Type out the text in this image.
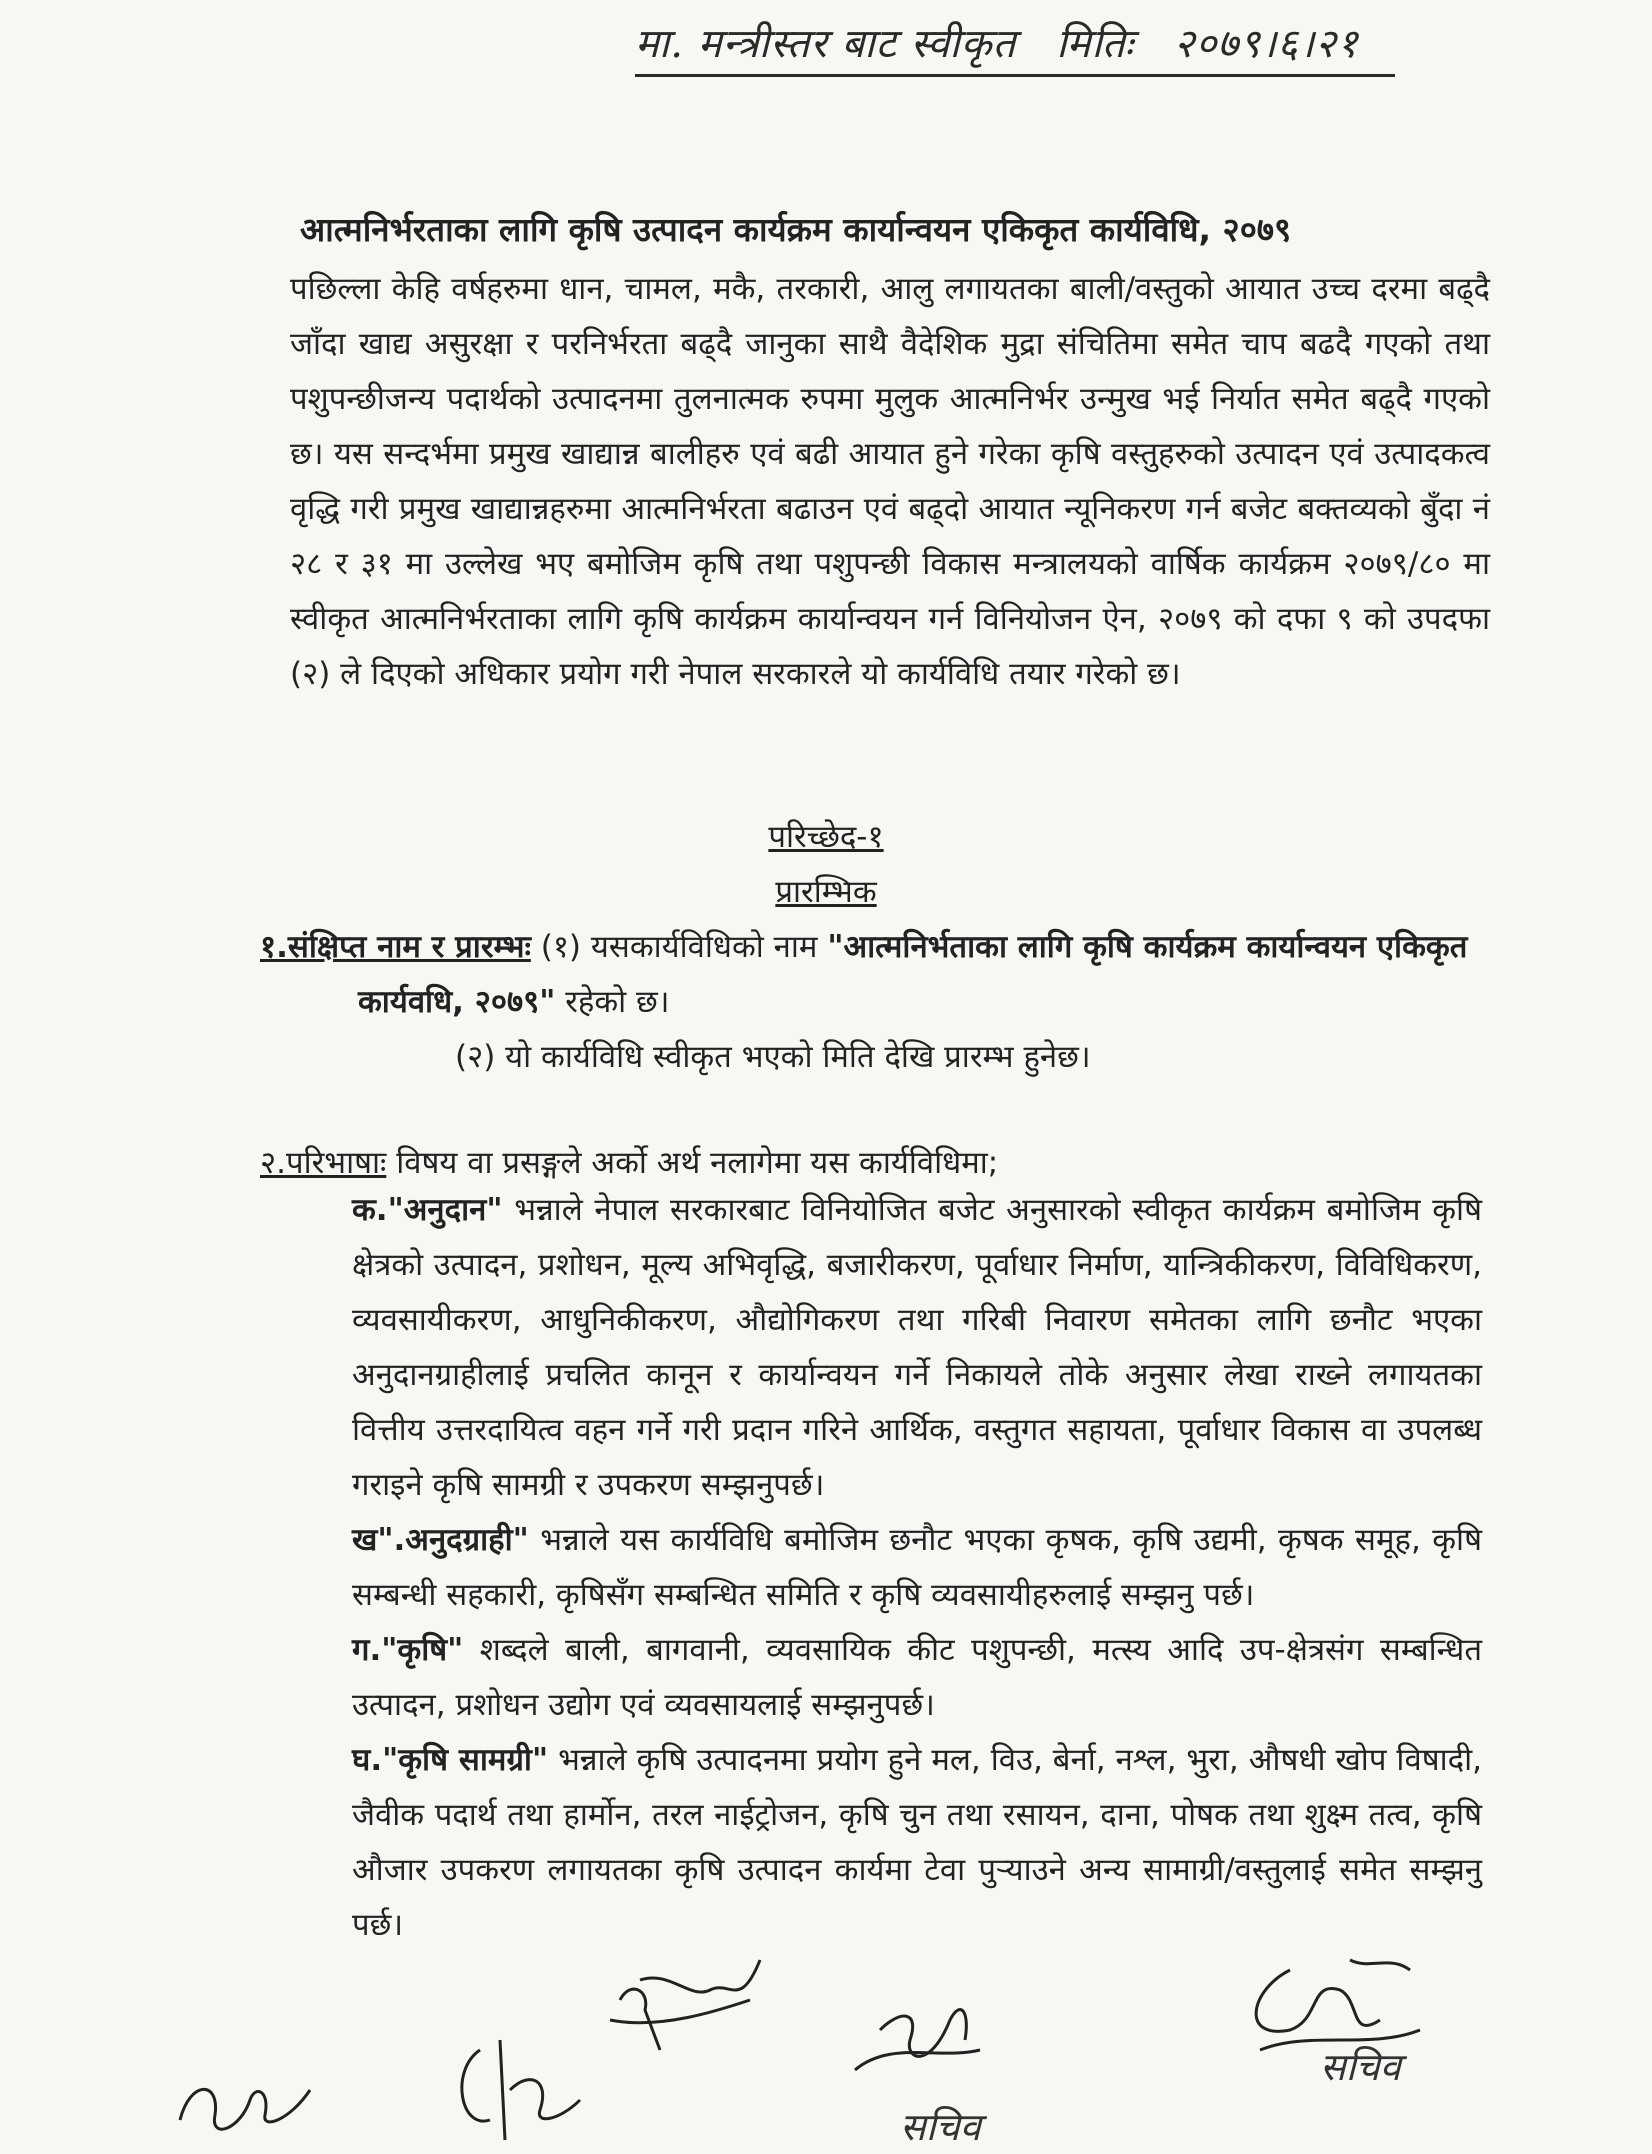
मा. मन्त्रीस्तर बाट स्वीकृत मितिः २०७९।६।२१
आत्मनिर्भरताका लागि कृषि उत्पादन कार्यक्रम कार्यान्वयन एकिकृत कार्यविधि, २०७९
पछिल्ला केहि वर्षहरुमा धान, चामल, मकै, तरकारी, आलु लगायतका बाली/वस्तुको आयात उच्च दरमा बढ्दै जाँदा खाद्य असुरक्षा र परनिर्भरता बढ्दै जानुका साथै वैदेशिक मुद्रा संचितिमा समेत चाप बढदै गएको तथा पशुपन्छीजन्य पदार्थको उत्पादनमा तुलनात्मक रुपमा मुलुक आत्मनिर्भर उन्मुख भई निर्यात समेत बढ्दै गएको छ। यस सन्दर्भमा प्रमुख खाद्यान्न बालीहरु एवं बढी आयात हुने गरेका कृषि वस्तुहरुको उत्पादन एवं उत्पादकत्व वृद्धि गरी प्रमुख खाद्यान्नहरुमा आत्मनिर्भरता बढाउन एवं बढ्दो आयात न्यूनिकरण गर्न बजेट बक्तव्यको बुँदा नं २८ र ३१ मा उल्लेख भए बमोजिम कृषि तथा पशुपन्छी विकास मन्त्रालयको वार्षिक कार्यक्रम २०७९/८० मा स्वीकृत आत्मनिर्भरताका लागि कृषि कार्यक्रम कार्यान्वयन गर्न विनियोजन ऐन, २०७९ को दफा ९ को उपदफा (२) ले दिएको अधिकार प्रयोग गरी नेपाल सरकारले यो कार्यविधि तयार गरेको छ।
परिच्छेद-१
प्रारम्भिक
१.संक्षिप्त नाम र प्रारम्भः (१) यसकार्यविधिको नाम "आत्मनिर्भताका लागि कृषि कार्यक्रम कार्यान्वयन एकिकृत
कार्यवधि, २०७९" रहेको छ।
(२) यो कार्यविधि स्वीकृत भएको मिति देखि प्रारम्भ हुनेछ।
२.परिभाषाः विषय वा प्रसङ्गले अर्को अर्थ नलागेमा यस कार्यविधिमा;

क."अनुदान" भन्नाले नेपाल सरकारबाट विनियोजित बजेट अनुसारको स्वीकृत कार्यक्रम बमोजिम कृषि क्षेत्रको उत्पादन, प्रशोधन, मूल्य अभिवृद्धि, बजारीकरण, पूर्वाधार निर्माण, यान्त्रिकीकरण, विविधिकरण, व्यवसायीकरण, आधुनिकीकरण, औद्योगिकरण तथा गरिबी निवारण समेतका लागि छनौट भएका अनुदानग्राहीलाई प्रचलित कानून र कार्यान्वयन गर्ने निकायले तोके अनुसार लेखा राख्ने लगायतका वित्तीय उत्तरदायित्व वहन गर्ने गरी प्रदान गरिने आर्थिक, वस्तुगत सहायता, पूर्वाधार विकास वा उपलब्ध गराइने कृषि सामग्री र उपकरण सम्झनुपर्छ।

ख".अनुदग्राही" भन्नाले यस कार्यविधि बमोजिम छनौट भएका कृषक, कृषि उद्यमी, कृषक समूह, कृषि सम्बन्धी सहकारी, कृषिसँग सम्बन्धित समिति र कृषि व्यवसायीहरुलाई सम्झनु पर्छ।

ग."कृषि" शब्दले बाली, बागवानी, व्यवसायिक कीट पशुपन्छी, मत्स्य आदि उप-क्षेत्रसंग सम्बन्धित उत्पादन, प्रशोधन उद्योग एवं व्यवसायलाई सम्झनुपर्छ।

घ."कृषि सामग्री" भन्नाले कृषि उत्पादनमा प्रयोग हुने मल, विउ, बेर्ना, नश्ल, भुरा, औषधी खोप विषादी, जैवीक पदार्थ तथा हार्मोन, तरल नाईट्रोजन, कृषि चुन तथा रसायन, दाना, पोषक तथा शुक्ष्म तत्व, कृषि औजार उपकरण लगायतका कृषि उत्पादन कार्यमा टेवा पुर्‍याउने अन्य सामाग्री/वस्तुलाई समेत सम्झनु पर्छ।

सचिव
सचिव
